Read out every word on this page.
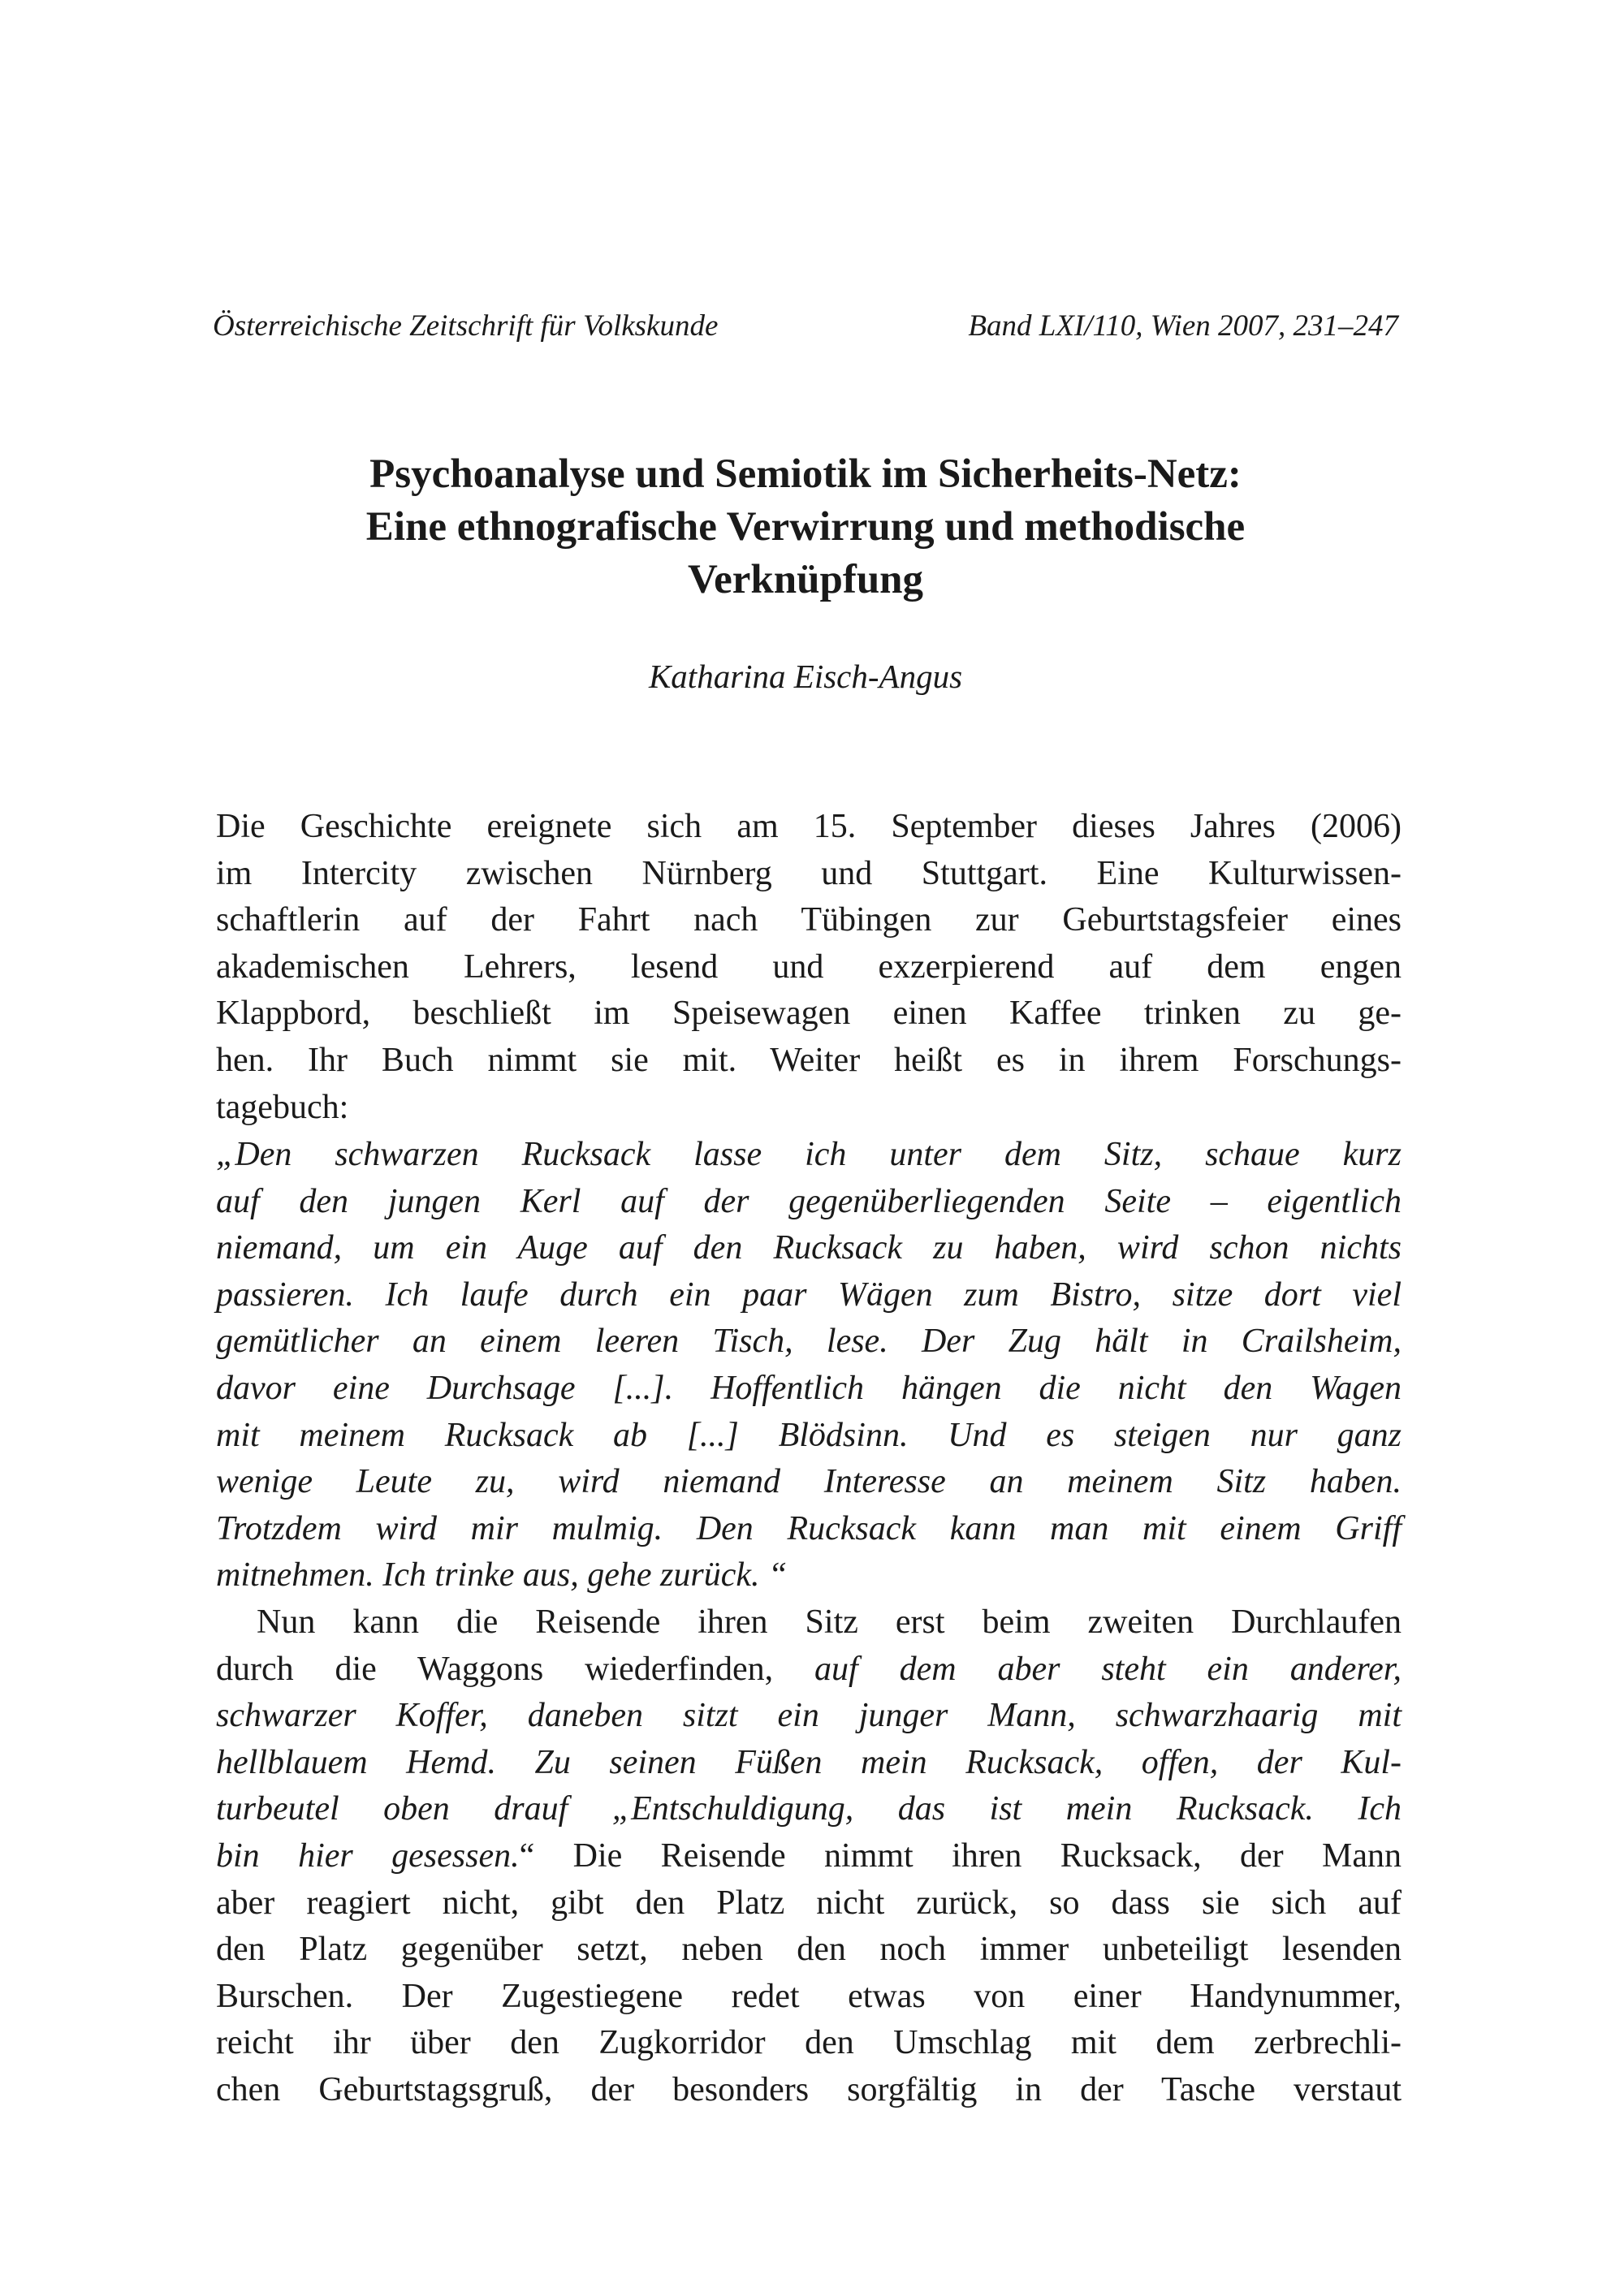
Österreichische Zeitschrift für Volkskunde	Band LXI/110, Wien 2007, 231–247
Psychoanalyse und Semiotik im Sicherheits-Netz:
Eine ethnografische Verwirrung und methodische
Verknüpfung
Katharina Eisch-Angus
Die Geschichte ereignete sich am 15. September dieses Jahres (2006)
im Intercity zwischen Nürnberg und Stuttgart. Eine Kulturwissen-
schaftlerin auf der Fahrt nach Tübingen zur Geburtstagsfeier eines
akademischen Lehrers, lesend und exzerpierend auf dem engen
Klappbord, beschließt im Speisewagen einen Kaffee trinken zu ge-
hen. Ihr Buch nimmt sie mit. Weiter heißt es in ihrem Forschungs-
tagebuch:
„Den schwarzen Rucksack lasse ich unter dem Sitz, schaue kurz
auf den jungen Kerl auf der gegenüberliegenden Seite – eigentlich
niemand, um ein Auge auf den Rucksack zu haben, wird schon nichts
passieren. Ich laufe durch ein paar Wägen zum Bistro, sitze dort viel
gemütlicher an einem leeren Tisch, lese. Der Zug hält in Crailsheim,
davor eine Durchsage [...]. Hoffentlich hängen die nicht den Wagen
mit meinem Rucksack ab [...] Blödsinn. Und es steigen nur ganz
wenige Leute zu, wird niemand Interesse an meinem Sitz haben.
Trotzdem wird mir mulmig. Den Rucksack kann man mit einem Griff
mitnehmen. Ich trinke aus, gehe zurück. “
Nun kann die Reisende ihren Sitz erst beim zweiten Durchlaufen
durch die Waggons wiederfinden, auf dem aber steht ein anderer,
schwarzer Koffer, daneben sitzt ein junger Mann, schwarzhaarig mit
hellblauem Hemd. Zu seinen Füßen mein Rucksack, offen, der Kul-
turbeutel oben drauf „Entschuldigung, das ist mein Rucksack. Ich
bin hier gesessen.“ Die Reisende nimmt ihren Rucksack, der Mann
aber reagiert nicht, gibt den Platz nicht zurück, so dass sie sich auf
den Platz gegenüber setzt, neben den noch immer unbeteiligt lesenden
Burschen. Der Zugestiegene redet etwas von einer Handynummer,
reicht ihr über den Zugkorridor den Umschlag mit dem zerbrechli-
chen Geburtstagsgruß, der besonders sorgfältig in der Tasche verstaut
